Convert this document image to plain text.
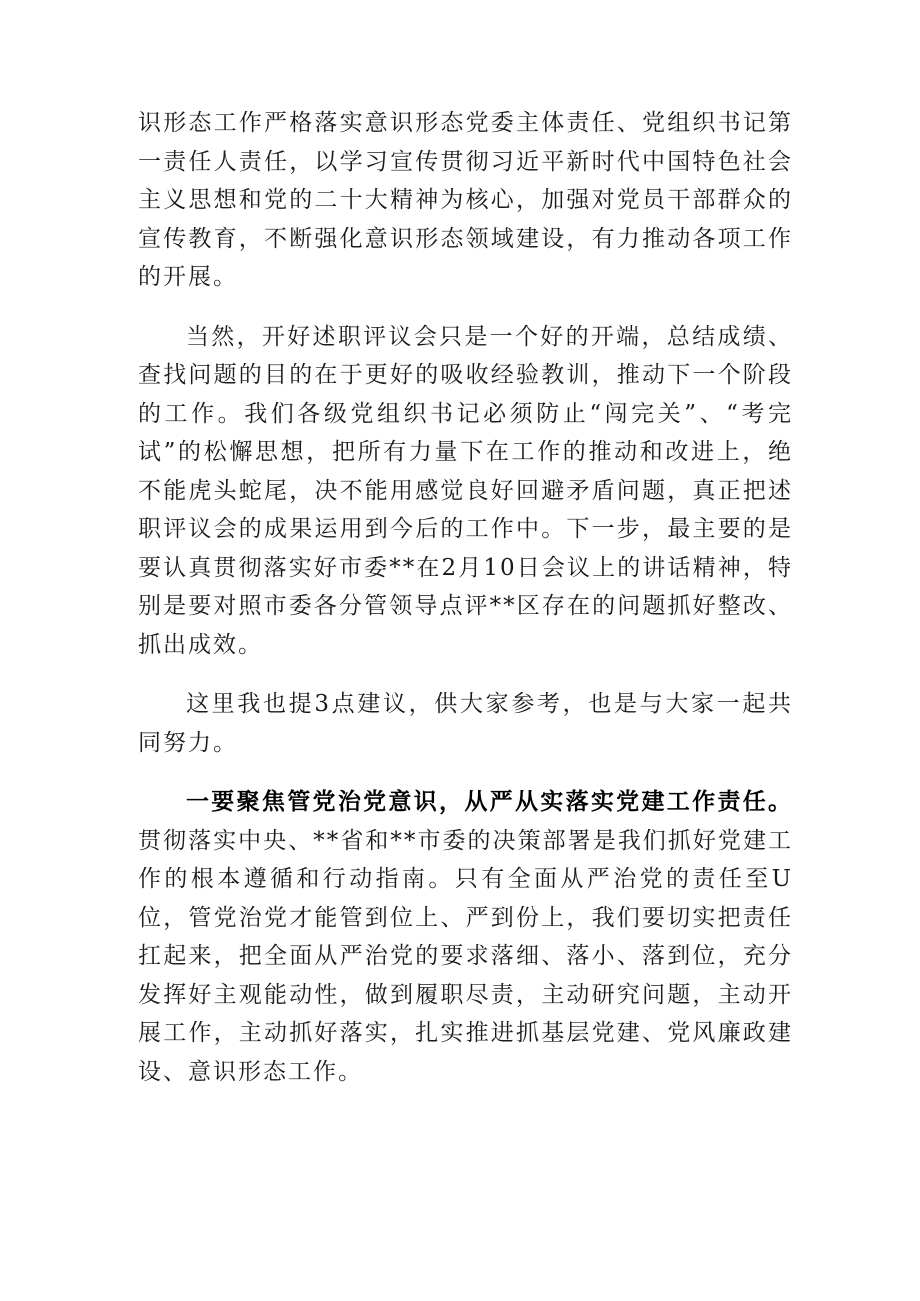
识形态工作严格落实意识形态党委主体责任、党组织书记第一责任人责任，以学习宣传贯彻习近平新时代中国特色社会主义思想和党的二十大精神为核心，加强对党员干部群众的宣传教育，不断强化意识形态领域建设，有力推动各项工作的开展。

当然，开好述职评议会只是一个好的开端，总结成绩、查找问题的目的在于更好的吸收经验教训，推动下一个阶段的工作。我们各级党组织书记必须防止“闯完关”、“考完试”的松懈思想，把所有力量下在工作的推动和改进上，绝不能虎头蛇尾，决不能用感觉良好回避矛盾问题，真正把述职评议会的成果运用到今后的工作中。下一步，最主要的是要认真贯彻落实好市委**在2月10日会议上的讲话精神，特别是要对照市委各分管领导点评**区存在的问题抓好整改、抓出成效。

这里我也提3点建议，供大家参考，也是与大家一起共同努力。

一要聚焦管党治党意识，从严从实落实党建工作责任。贯彻落实中央、**省和**市委的决策部署是我们抓好党建工作的根本遵循和行动指南。只有全面从严治党的责任至U位，管党治党才能管到位上、严到份上，我们要切实把责任扛起来，把全面从严治党的要求落细、落小、落到位，充分发挥好主观能动性，做到履职尽责，主动研究问题，主动开展工作，主动抓好落实，扎实推进抓基层党建、党风廉政建设、意识形态工作。
